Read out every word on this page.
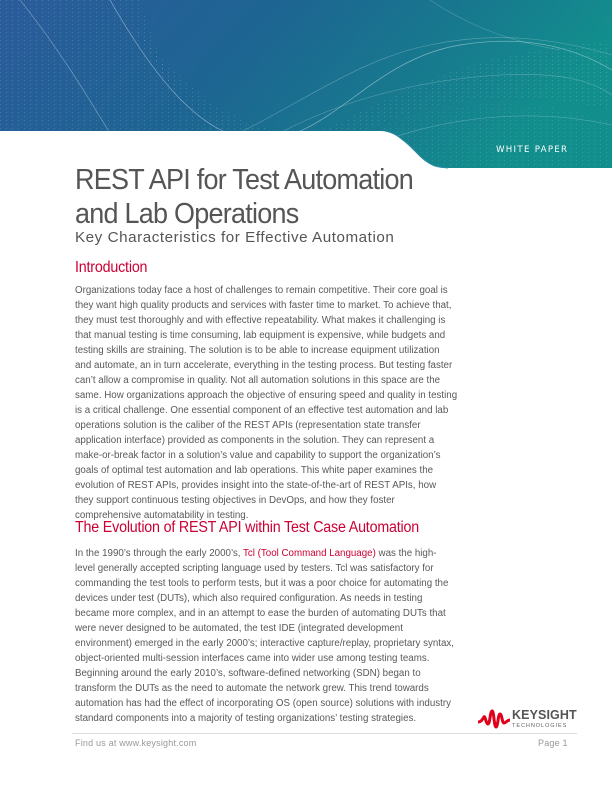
WHITE PAPER
REST API for Test Automation
and Lab Operations
Key Characteristics for Effective Automation
Introduction

Organizations today face a host of challenges to remain competitive. Their core goal is
they want high quality products and services with faster time to market. To achieve that,
they must test thoroughly and with effective repeatability. What makes it challenging is
that manual testing is time consuming, lab equipment is expensive, while budgets and
testing skills are straining. The solution is to be able to increase equipment utilization
and automate, an in turn accelerate, everything in the testing process. But testing faster
can’t allow a compromise in quality. Not all automation solutions in this space are the
same. How organizations approach the objective of ensuring speed and quality in testing
is a critical challenge. One essential component of an effective test automation and lab
operations solution is the caliber of the REST APIs (representation state transfer
application interface) provided as components in the solution. They can represent a
make-or-break factor in a solution’s value and capability to support the organization’s
goals of optimal test automation and lab operations. This white paper examines the
evolution of REST APIs, provides insight into the state-of-the-art of REST APIs, how
they support continuous testing objectives in DevOps, and how they foster
comprehensive automatability in testing.

The Evolution of REST API within Test Case Automation

In the 1990’s through the early 2000’s, Tcl (Tool Command Language) was the high-
level generally accepted scripting language used by testers. Tcl was satisfactory for
commanding the test tools to perform tests, but it was a poor choice for automating the
devices under test (DUTs), which also required configuration. As needs in testing
became more complex, and in an attempt to ease the burden of automating DUTs that
were never designed to be automated, the test IDE (integrated development
environment) emerged in the early 2000’s; interactive capture/replay, proprietary syntax,
object-oriented multi-session interfaces came into wider use among testing teams.
Beginning around the early 2010’s, software-defined networking (SDN) began to
transform the DUTs as the need to automate the network grew. This trend towards
automation has had the effect of incorporating OS (open source) solutions with industry
standard components into a majority of testing organizations’ testing strategies.	KEYSIGHT
TECHNOLOGIES
Find us at www.keysight.com	Page 1
